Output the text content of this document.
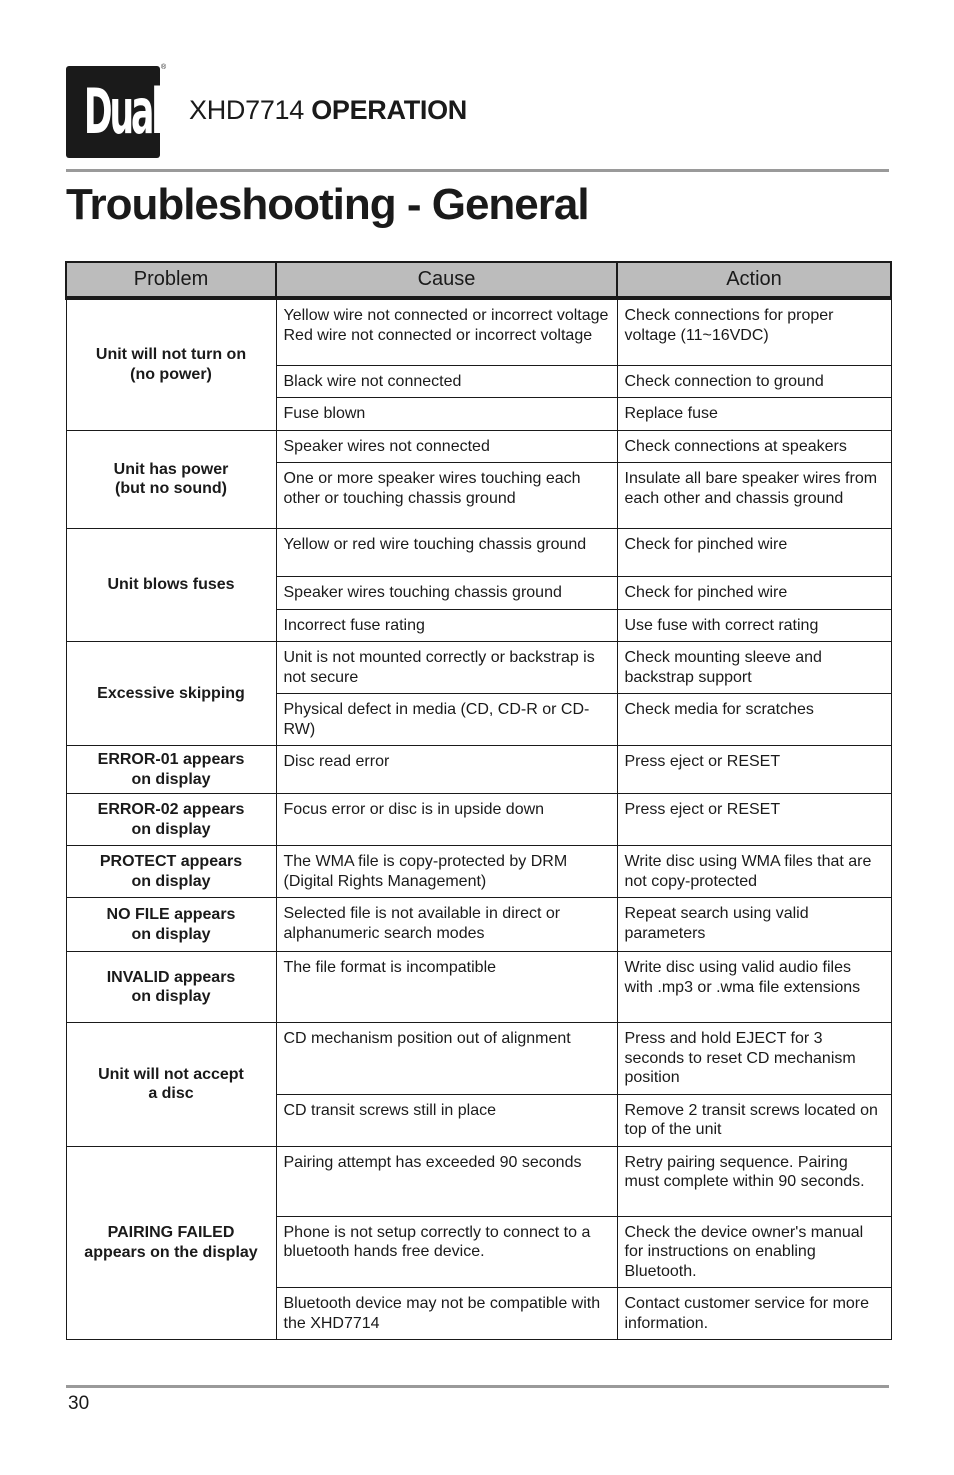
Dual
®
XHD7714 OPERATION
Troubleshooting - General
Problem	Cause	Action

Unit will not turn on
(no power)	Yellow wire not connected or incorrect voltage Red wire not connected or incorrect voltage	Check connections for proper voltage (11~16VDC)
	Black wire not connected	Check connection to ground
	Fuse blown	Replace fuse

Unit has power
(but no sound)	Speaker wires not connected	Check connections at speakers
	One or more speaker wires touching each other or touching chassis ground	Insulate all bare speaker wires from each other and chassis ground

Unit blows fuses	Yellow or red wire touching chassis ground	Check for pinched wire
	Speaker wires touching chassis ground	Check for pinched wire
	Incorrect fuse rating	Use fuse with correct rating

Excessive skipping	Unit is not mounted correctly or backstrap is not secure	Check mounting sleeve and backstrap support
	Physical defect in media (CD, CD-R or CD-RW)	Check media for scratches

ERROR-01 appears
on display	Disc read error	Press eject or RESET

ERROR-02 appears
on display	Focus error or disc is in upside down	Press eject or RESET

PROTECT appears
on display	The WMA file is copy-protected by DRM (Digital Rights Management)	Write disc using WMA files that are not copy-protected

NO FILE appears
on display	Selected file is not available in direct or alphanumeric search modes	Repeat search using valid parameters

INVALID appears
on display	The file format is incompatible	Write disc using valid audio files with .mp3 or .wma file extensions

Unit will not accept
a disc	CD mechanism position out of alignment	Press and hold EJECT for 3 seconds to reset CD mechanism position
	CD transit screws still in place	Remove 2 transit screws located on top of the unit

PAIRING FAILED
appears on the display	Pairing attempt has exceeded 90 seconds	Retry pairing sequence. Pairing must complete within 90 seconds.
	Phone is not setup correctly to connect to a bluetooth hands free device.	Check the device owner's manual for instructions on enabling Bluetooth.
	Bluetooth device may not be compatible with the XHD7714	Contact customer service for more information.
30
